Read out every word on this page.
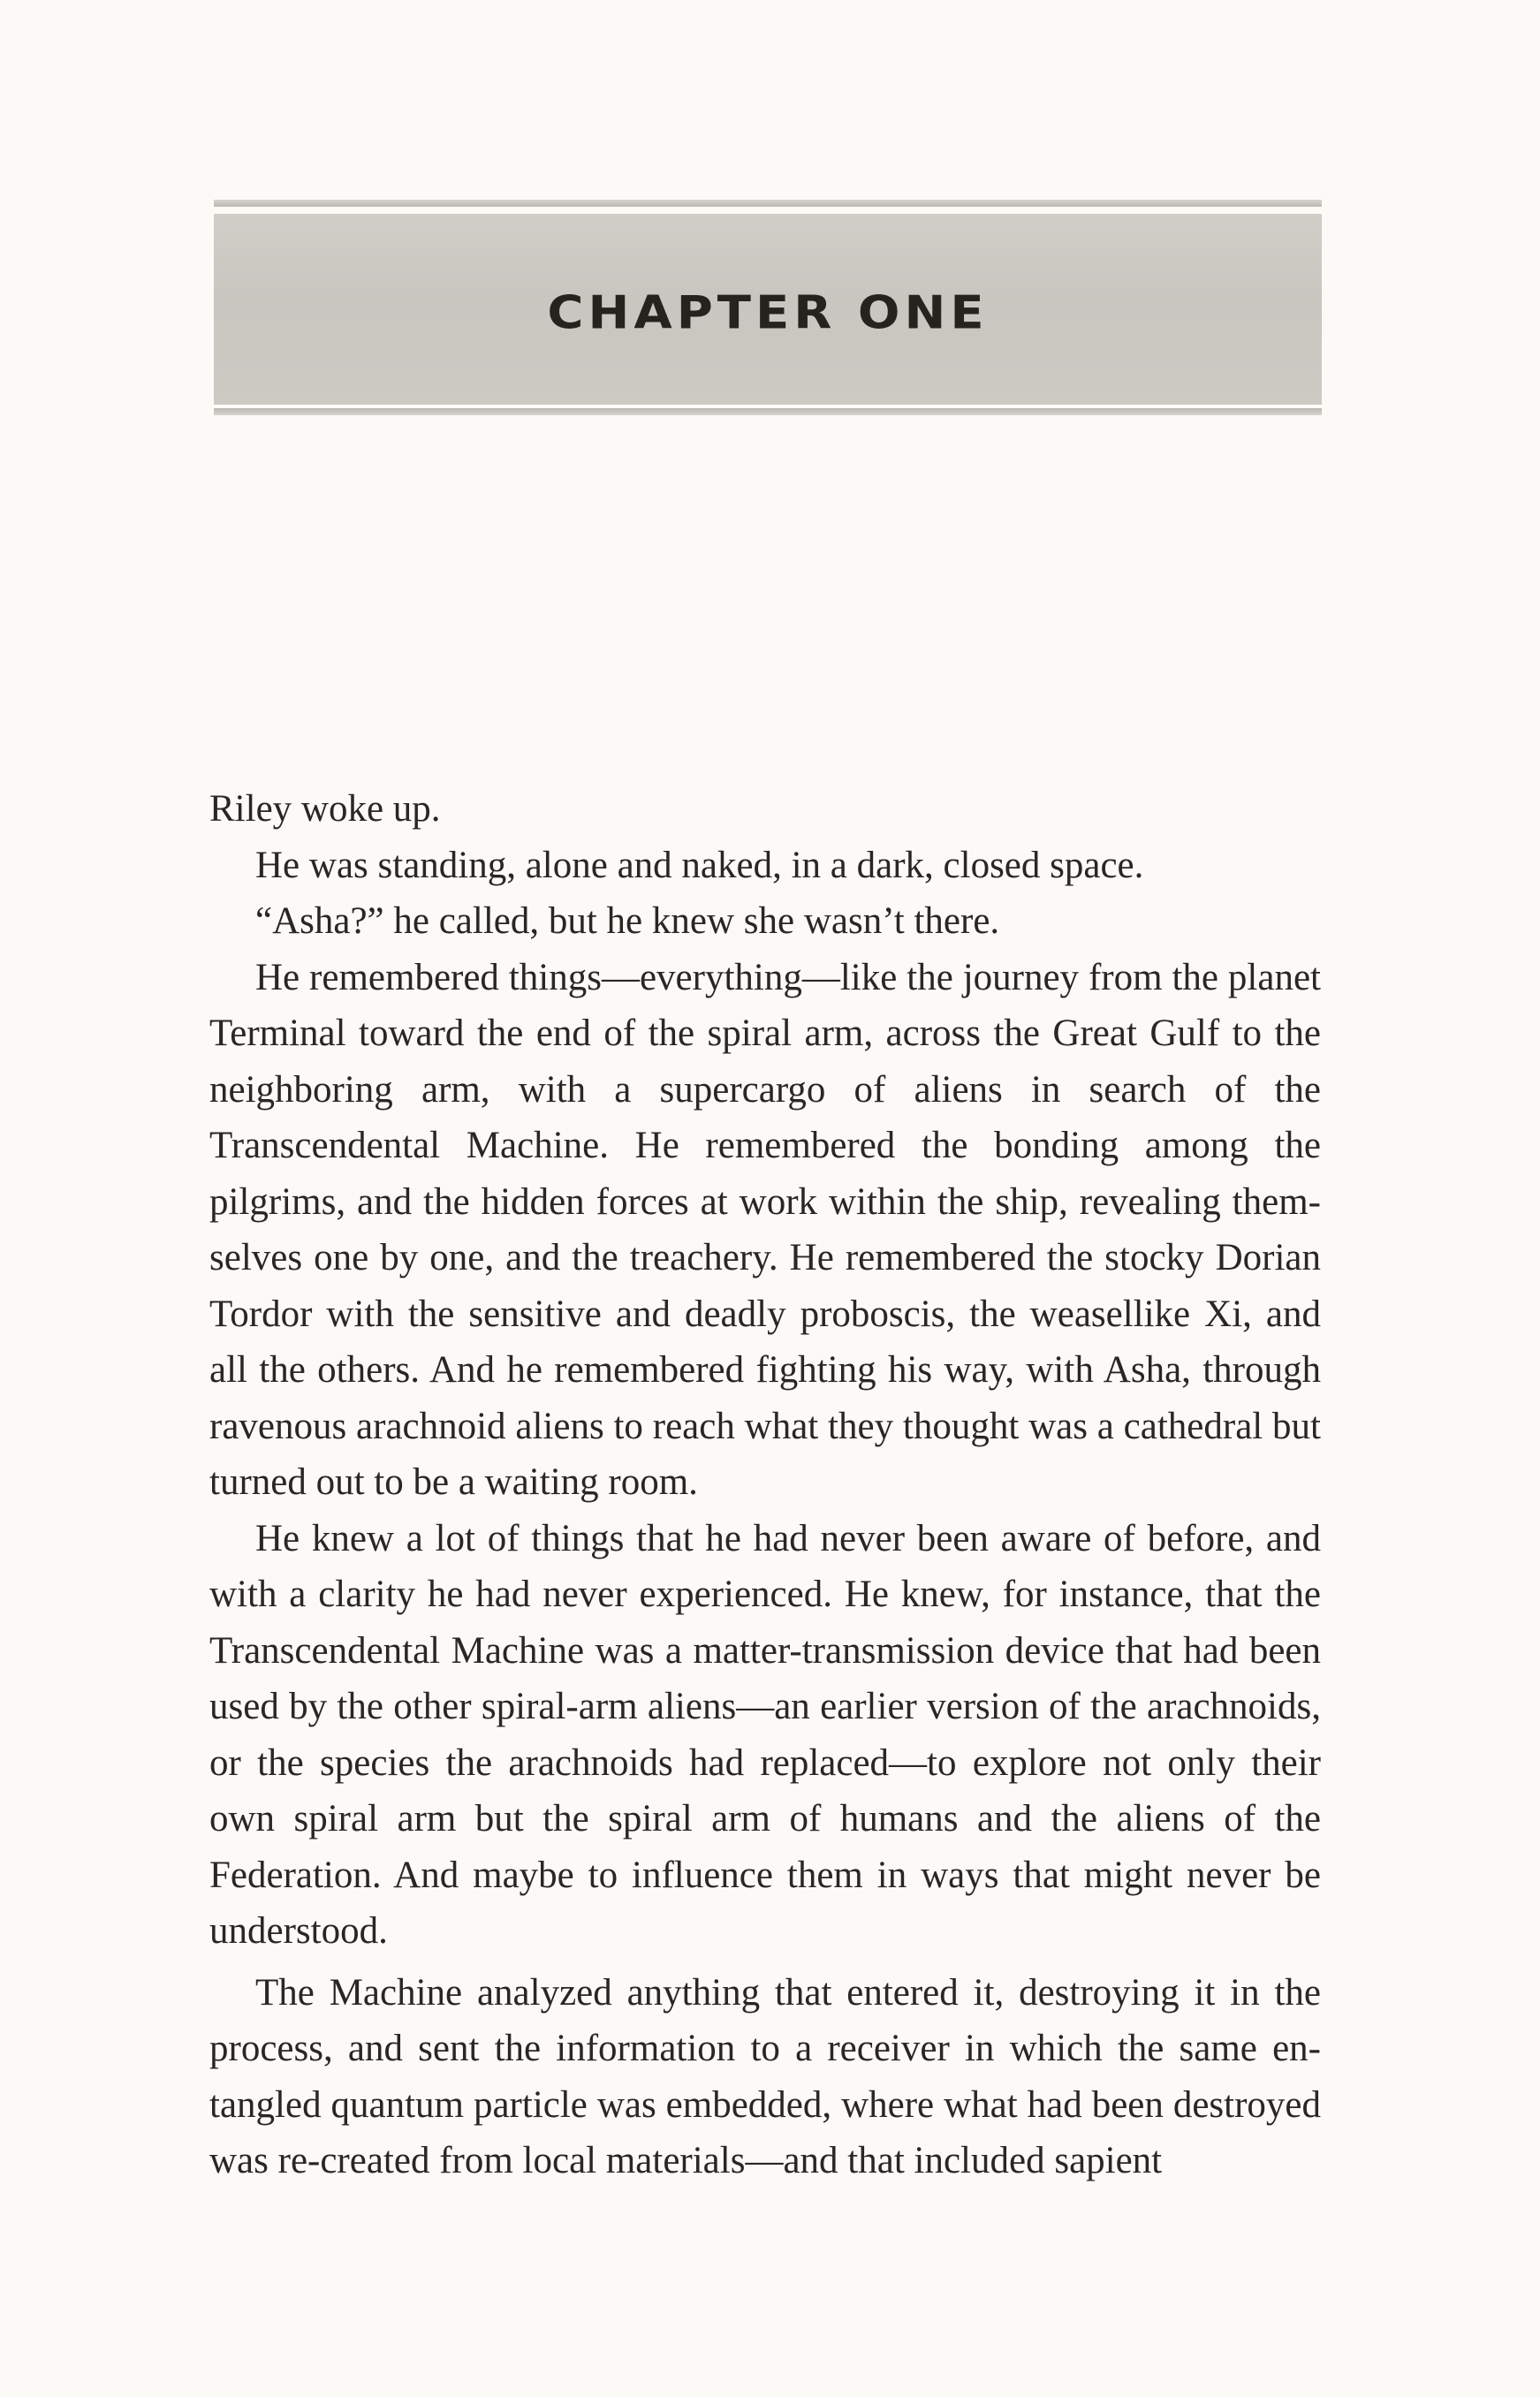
CHAPTER ONE

Riley woke up.

He was standing, alone and naked, in a dark, closed space.

“Asha?” he called, but he knew she wasn’t there.

He remembered things—everything—like the journey from the planet Terminal toward the end of the spiral arm, across the Great Gulf to the neighboring arm, with a supercargo of aliens in search of the Transcendental Machine. He remembered the bonding among the pilgrims, and the hidden forces at work within the ship, revealing themselves one by one, and the treachery. He remembered the stocky Dorian Tordor with the sensitive and deadly proboscis, the weasellike Xi, and all the others. And he remembered fighting his way, with Asha, through ravenous arachnoid aliens to reach what they thought was a cathedral but turned out to be a waiting room.

He knew a lot of things that he had never been aware of before, and with a clarity he had never experienced. He knew, for instance, that the Transcendental Machine was a matter-transmission device that had been used by the other spiral-arm aliens—an earlier version of the arachnoids, or the species the arachnoids had replaced—to explore not only their own spiral arm but the spiral arm of humans and the aliens of the Federation. And maybe to influence them in ways that might never be understood.

The Machine analyzed anything that entered it, destroying it in the process, and sent the information to a receiver in which the same entangled quantum particle was embedded, where what had been destroyed was re-created from local materials—and that included sapient
